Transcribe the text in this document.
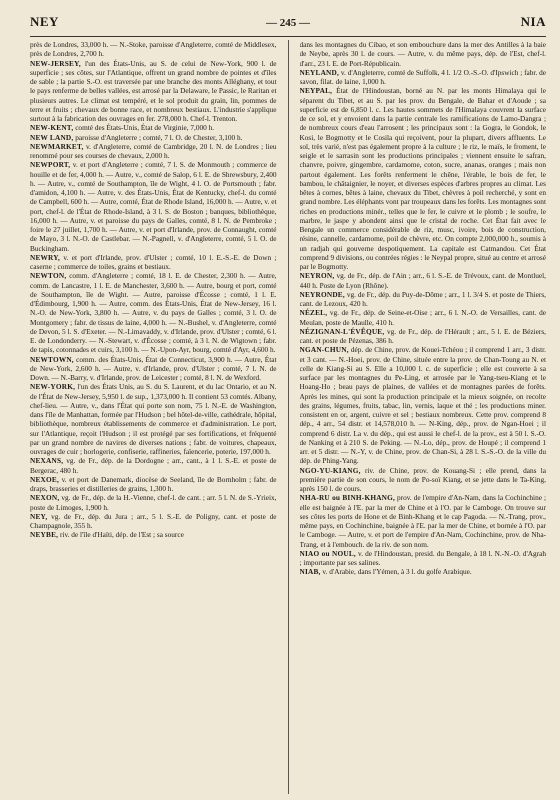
NEY	— 245 —	NIA

près de Londres, 33,000 h. — N.-Stoke, paroisse d'Angleterre, comté de Middlesex, près de Londres, 2,700 h.

NEW-JERSEY, l'un des États-Unis, au S. de celui de New-York, 900 l. de superficie ; ses côtes, sur l'Atlantique, offrent un grand nombre de pointes et d'îles de sable ; la partie S.-O. est traversée par une branche des monts Alléghany, et tout le pays renferme de belles vallées, est arrosé par la Delaware, le Passic, le Raritan et plusieurs autres. Le climat est tempéré, et le sol produit du grain, lin, pommes de terre et fruits ; chevaux de bonne race, et nombreux bestiaux. L'industrie s'applique surtout à la fabrication des ouvrages en fer. 278,000 h. Chef-l. Trenton.

NEW-KENT, comté des États-Unis, État de Virginie, 7,000 h.

NEW LAND, paroisse d'Angleterre ; comté, 7 l. O. de Chester, 3,100 h.

NEWMARKET, v. d'Angleterre, comté de Cambridge, 20 l. N. de Londres ; lieu renommé pour ses courses de chevaux, 2,000 h.

NEWPORT, v. et port d'Angleterre ; comté, 7 l. S. de Monmouth ; commerce de houille et de fer, 4,000 h. — Autre, v., comté de Salop, 6 l. E. de Shrewsbury, 2,400 h. — Autre, v., comté de Southampton, île de Wight, 4 l. O. de Portsmouth ; fabr. d'amidon, 4,100 h. — Autre, v. des États-Unis, État de Kentucky, chef-l. du comté de Campbell, 600 h. — Autre, comté, État de Rhode Island, 16,000 h. — Autre, v. et port, chef-l. de l'État de Rhode-Island, à 3 l. S. de Boston ; banques, bibliothèque, 16,000 h. — Autre, v. et paroisse du pays de Galles, comté, 8 l. N. de Pembroke ; foire le 27 juillet, 1,700 h. — Autre, v. et port d'Irlande, prov. de Connaught, comté de Mayo, 3 l. N.-O. de Castlebar. — N.-Pagnell, v. d'Angleterre, comté, 5 l. O. de Buckingham.

NEWRY, v. et port d'Irlande, prov. d'Ulster ; comté, 10 l. E.-S.-E. de Down ; caserne ; commerce de toiles, grains et bestiaux.

NEWTON, comm. d'Angleterre ; comté, 18 l. E. de Chester, 2,300 h. — Autre, comm. de Lancastre, 1 l. E. de Manchester, 3,600 h. — Autre, bourg et port, comté de Southampton, île de Wight. — Autre, paroisse d'Écosse ; comté, 1 l. E. d'Édimbourg, 1,900 h. — Autre, comm. des États-Unis, État de New-Jersey, 16 l. N.-O. de New-York, 3,800 h. — Autre, v. du pays de Galles ; comté, 3 l. O. de Montgomery ; fabr. de tissus de laine, 4,000 h. — N.-Bushel, v. d'Angleterre, comté de Devon, 5 l. S. d'Exeter. — N.-Limavaddy, v. d'Irlande, prov. d'Ulster ; comté, 6 l. E. de Londonderry. — N.-Stewart, v. d'Écosse ; comté, à 3 l. N. de Wigtown ; fabr. de tapis, cotonnades et cuirs, 3,100 h. — N.-Upon-Ayr, bourg, comté d'Ayr, 4,600 h.

NEWTOWN, comm. des États-Unis, État de Connecticut, 3,900 h. — Autre, État de New-York, 2,600 h. — Autre, v. d'Irlande, prov. d'Ulster ; comté, 7 l. N. de Down. — N.-Barry, v. d'Irlande, prov. de Leicester ; comté, 8 l. N. de Wexford.

NEW-YORK, l'un des États Unis, au S. du S. Laurent, et du lac Ontario, et au N. de l'État de New-Jersey, 5,950 l. de sup., 1,373,000 h. Il contient 53 comtés. Albany, chef-lieu. — Autre, v., dans l'État qui porte son nom, 75 l. N.-E. de Washington, dans l'île de Manhattan, formée par l'Hudson ; bel hôtel-de-ville, cathédrale, hôpital, bibliothèque, nombreux établissements de commerce et d'administration. Le port, sur l'Atlantique, reçoit l'Hudson ; il est protégé par ses fortifications, et fréquenté par un grand nombre de navires de diverses nations ; fabr. de voitures, chapeaux, ouvrages de cuir ; horlogerie, confiserie, raffineries, faïencerie, poterie, 197,000 h.

NEXANS, vg. de Fr., dép. de la Dordogne ; arr., cant., à 1 l. S.-E. et poste de Bergerac, 480 h.

NEXOE, v. et port de Danemark, diocèse de Seeland, île de Bornholm ; fabr. de draps, brasseries et distilleries de grains, 1,300 h.

NEXON, vg. de Fr., dép. de la H.-Vienne, chef-l. de cant. ; arr. 5 l. N. de S.-Yrieix, poste de Limoges, 1,900 h.

NEY, vg. de Fr., dép. du Jura ; arr., 5 l. S.-E. de Poligny, cant. et poste de Champagnole, 355 h.

NEYBE, riv. de l'île d'Haïti, dép. de l'Est ; sa source

dans les montagnes du Cibao, et son embouchure dans la mer des Antilles à la baie de Neybe, après 30 l. de cours. — Autre, v. du même pays, dép. de l'Est, chef-l. d'arr., 23 l. E. de Port-Républicain.

NEYLAND, v. d'Angleterre, comté de Suffolk, 4 l. 1/2 O.-S.-O. d'Ipswich ; fabr. de savon, filat. de laine, 1,000 h.

NEYPAL, État de l'Hindoustan, borné au N. par les monts Himalaya qui le séparent du Tibet, et au S. par les prov. du Bengale, de Bahar et d'Aoude ; sa superficie est de 6,850 l. c. Les hautes sommets de l'Himalaya couvrent la surface de ce sol, et y envoient dans la partie centrale les ramifications de Lamo-Dangra ; de nombreux cours d'eau l'arrosent ; les principaux sont : la Gogra, le Gondok, le Kosi, le Bogmotty et le Cosila qui reçoivent, pour la plupart, divers affluents. Le sol, très varié, n'est pas également propre à la culture ; le riz, le maïs, le froment, le seigle et le sarrasin sont les productions principales ; viennent ensuite le safran, chanvre, poivre, gingembre, cardamome, coton, sucre, ananas, oranges ; mais non partout également. Les forêts renferment le chêne, l'érable, le bois de fer, le bambou, le châtaignier, le noyer, et diverses espèces d'arbres propres au climat. Les bêtes à cornes, bêtes à laine, chevaux du Tibet, chèvres à poil recherché, y sont en grand nombre. Les éléphants vont par troupeaux dans les forêts. Les montagnes sont riches en productions minér., telles que le fer, le cuivre et le plomb ; le soufre, le marbre, le jaspe y abondent ainsi que le cristal de roche. Cet État fait avec le Bengale un commerce considérable de riz, musc, ivoire, bois de construction, résine, cannelle, cardamome, poil de chèvre, etc. On compte 2,000,000 h., soumis à un radjah qui gouverne despotiquement. La capitale est Catmandou. Cet État comprend 9 divisions, ou contrées régies : le Neypal propre, situé au centre et arrosé par le Bogmotty.

NEYRON, vg. de Fr., dép. de l'Ain ; arr., 6 l. S.-E. de Trévoux, cant. de Montluel, 440 h. Poste de Lyon (Rhône).

NEYRONDE, vg. de Fr., dép. du Puy-de-Dôme ; arr., 1 l. 3/4 S. et poste de Thiers, cant. de Lezoux, 420 h.

NÉZEL, vg. de Fr., dép. de Seine-et-Oise ; arr., 6 l. N.-O. de Versailles, cant. de Meulan, poste de Maulle, 410 h.

NÉZIGNAN-L'ÉVÊQUE, vg. de Fr., dép. de l'Hérault ; arr., 5 l. E. de Béziers, cant. et poste de Pézenas, 386 h.

NGAN-CHUN, dép. de Chine, prov. de Kouei-Tchéou ; il comprend 1 arr., 3 distr. et 3 cant. — N.-Hoei, prov. de Chine, située entre la prov. de Chan-Toung au N. et celle de Kiang-Si au S. Elle a 10,000 l. c. de superficie ; elle est couverte à sa surface par les montagnes du Pe-Ling, et arrosée par le Yang-tseu-Kiang et le Hoang-Ho ; beau pays de plaines, de vallées et de montagnes parées de forêts. Après les mines, qui sont la production principale et la mieux soignée, on recolte des grains, légumes, fruits, tabac, lin, vernis, laque et thé ; les productions miner. consistent en or, argent, cuivre et sel ; bestiaux nombreux. Cette prov. comprend 8 dép., 4 arr., 54 distr. et 14,578,010 h. — N-King, dép., prov. de Ngan-Hoei ; il comprend 6 distr. La v. du dép., qui est aussi le chef-l. de la prov., est à 50 l. S.-O. de Nanking et à 210 S. de Peking. — N.-Lo, dép., prov. de Houpé ; il comprend 1 arr. et 5 distr. — N.-Y, v. de Chine, prov. de Chan-Si, à 28 l. S.-S.-O. de la ville du dép. de Phing-Yang.

NGO-YU-KIANG, riv. de Chine, prov. de Kouang-Si ; elle prend, dans la première partie de son cours, le nom de Po-soï Kiang, et se jette dans le Ta-King, après 150 l. de cours.

NHA-RU ou BINH-KHANG, prov. de l'empire d'An-Nam, dans la Cochinchine ; elle est baignée à l'E. par la mer de Chine et à l'O. par le Camboge. On trouve sur ses côtes les ports de Hone et de Binh-Khang et le cap Pagoda. — N.-Trang, prov., même pays, en Cochinchine, baignée à l'E. par la mer de Chine, et bornée à l'O. par le Camboge. — Autre, v. et port de l'empire d'An-Nam, Cochinchine, prov. de Nha-Trang, et à l'embouch. de la riv. de son nom.

NIAO ou NOUL, v. de l'Hindoustan, presid. du Bengale, à 18 l. N.-N.-O. d'Agrah ; importante par ses salines.

NIAB, v. d'Arabie, dans l'Yémen, à 3 l. du golfe Arabique.
